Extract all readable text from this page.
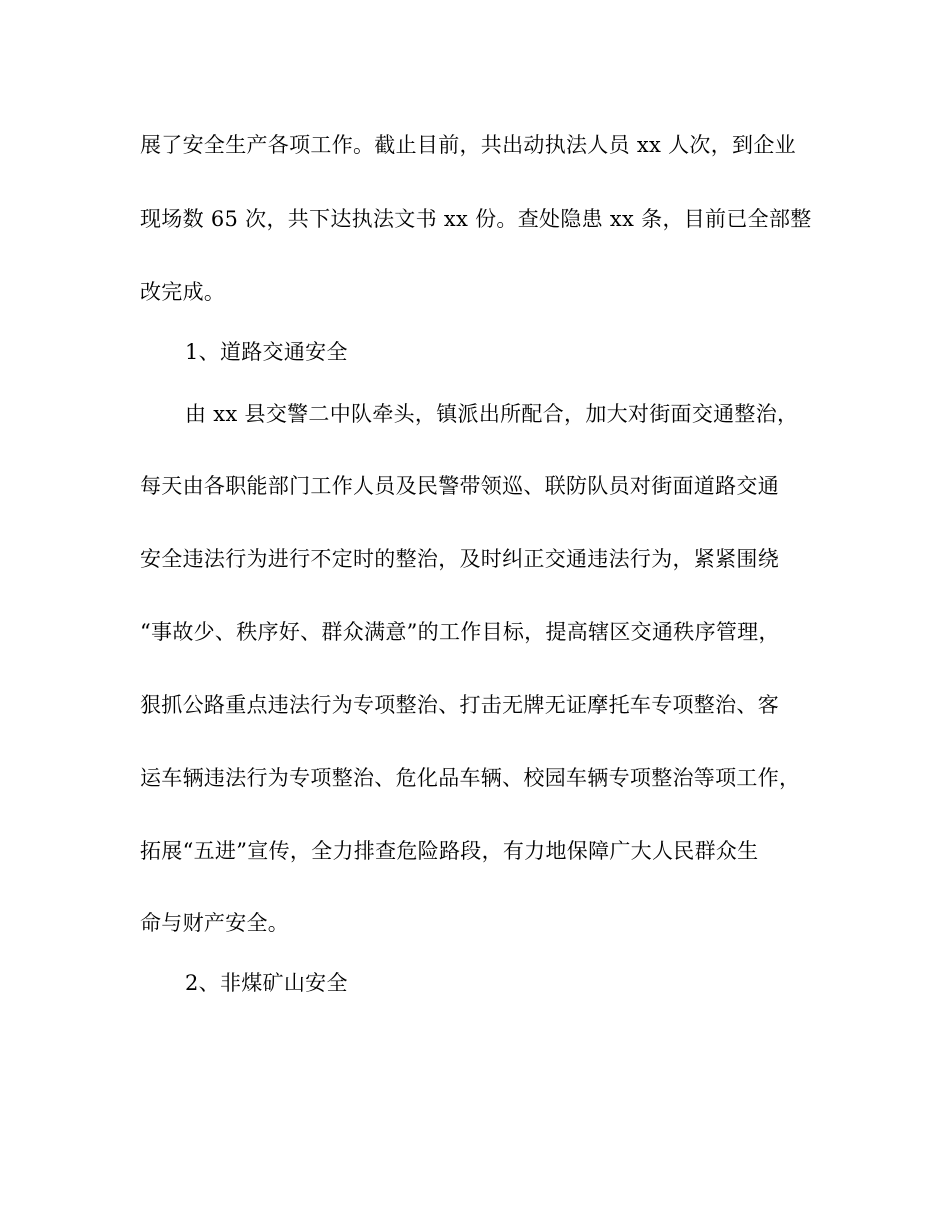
展了安全生产各项工作。截止目前，共出动执法人员 xx 人次，到企业
现场数 65 次，共下达执法文书 xx 份。查处隐患 xx 条，目前已全部整
改完成。
1、道路交通安全
由 xx 县交警二中队牵头，镇派出所配合，加大对街面交通整治，
每天由各职能部门工作人员及民警带领巡、联防队员对街面道路交通
安全违法行为进行不定时的整治，及时纠正交通违法行为，紧紧围绕
“事故少、秩序好、群众满意”的工作目标，提高辖区交通秩序管理，
狠抓公路重点违法行为专项整治、打击无牌无证摩托车专项整治、客
运车辆违法行为专项整治、危化品车辆、校园车辆专项整治等项工作，
拓展“五进”宣传，全力排查危险路段，有力地保障广大人民群众生
命与财产安全。
2、非煤矿山安全
